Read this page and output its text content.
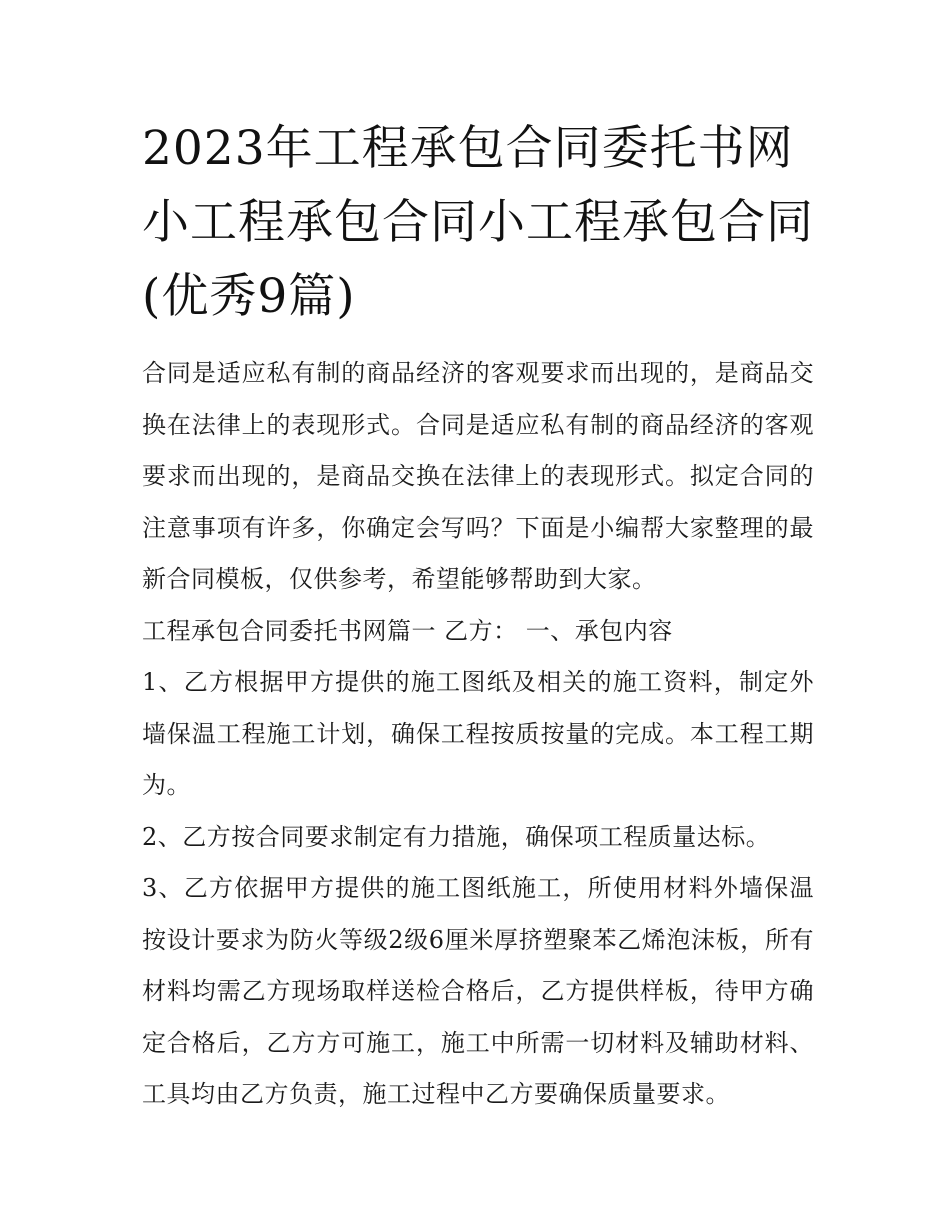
2023年工程承包合同委托书网小工程承包合同小工程承包合同(优秀9篇)

合同是适应私有制的商品经济的客观要求而出现的，是商品交换在法律上的表现形式。合同是适应私有制的商品经济的客观要求而出现的，是商品交换在法律上的表现形式。拟定合同的注意事项有许多，你确定会写吗？下面是小编帮大家整理的最新合同模板，仅供参考，希望能够帮助到大家。

工程承包合同委托书网篇一 乙方： 一、承包内容

1、乙方根据甲方提供的施工图纸及相关的施工资料，制定外墙保温工程施工计划，确保工程按质按量的完成。本工程工期为。

2、乙方按合同要求制定有力措施，确保项工程质量达标。

3、乙方依据甲方提供的施工图纸施工，所使用材料外墙保温按设计要求为防火等级2级6厘米厚挤塑聚苯乙烯泡沫板，所有材料均需乙方现场取样送检合格后，乙方提供样板，待甲方确定合格后，乙方方可施工，施工中所需一切材料及辅助材料、工具均由乙方负责，施工过程中乙方要确保质量要求。
